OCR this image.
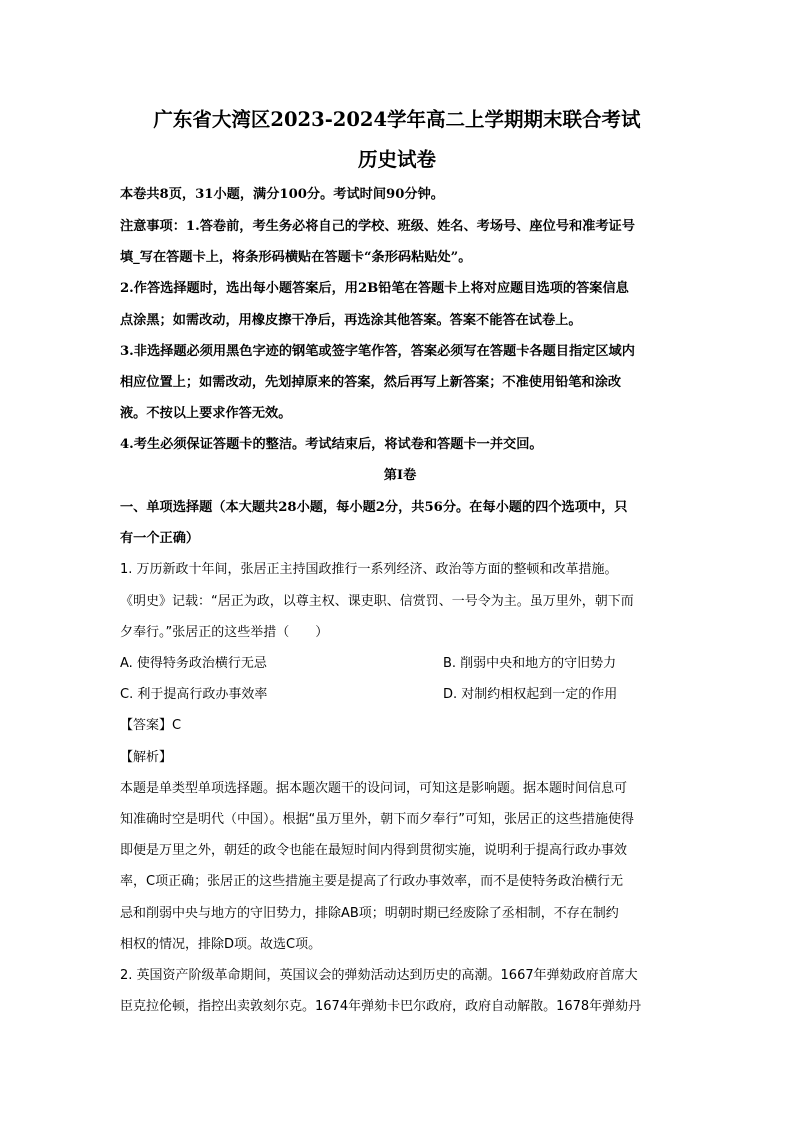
广东省大湾区2023-2024学年高二上学期期末联合考试
历史试卷
本卷共8页，31小题，满分100分。考试时间90分钟。
注意事项：1.答卷前，考生务必将自己的学校、班级、姓名、考场号、座位号和准考证号
填_写在答题卡上，将条形码横贴在答题卡“条形码粘贴处”。
2.作答选择题时，选出每小题答案后，用2B铅笔在答题卡上将对应题目选项的答案信息
点涂黑；如需改动，用橡皮擦干净后，再选涂其他答案。答案不能答在试卷上。
3.非选择题必须用黑色字迹的钢笔或签字笔作答，答案必须写在答题卡各题目指定区域内
相应位置上；如需改动，先划掉原来的答案，然后再写上新答案；不准使用铅笔和涂改
液。不按以上要求作答无效。
4.考生必须保证答题卡的整洁。考试结束后，将试卷和答题卡一并交回。
第Ⅰ卷
一、单项选择题（本大题共28小题，每小题2分，共56分。在每小题的四个选项中，只
有一个正确）
1. 万历新政十年间，张居正主持国政推行一系列经济、政治等方面的整顿和改革措施。
《明史》记载：“居正为政，以尊主权、课吏职、信赏罚、一号令为主。虽万里外，朝下而
夕奉行。”张居正的这些举措（　　）
A. 使得特务政治横行无忌	B. 削弱中央和地方的守旧势力
C. 利于提高行政办事效率	D. 对制约相权起到一定的作用
【答案】C
【解析】
本题是单类型单项选择题。据本题次题干的设问词，可知这是影响题。据本题时间信息可
知准确时空是明代（中国）。根据“虽万里外，朝下而夕奉行”可知，张居正的这些措施使得
即便是万里之外，朝廷的政令也能在最短时间内得到贯彻实施，说明利于提高行政办事效
率，C项正确；张居正的这些措施主要是提高了行政办事效率，而不是使特务政治横行无
忌和削弱中央与地方的守旧势力，排除AB项；明朝时期已经废除了丞相制，不存在制约
相权的情况，排除D项。故选C项。
2. 英国资产阶级革命期间，英国议会的弹劾活动达到历史的高潮。1667年弹劾政府首席大
臣克拉伦顿，指控出卖敦刻尔克。1674年弹劾卡巴尔政府，政府自动解散。1678年弹劾丹
